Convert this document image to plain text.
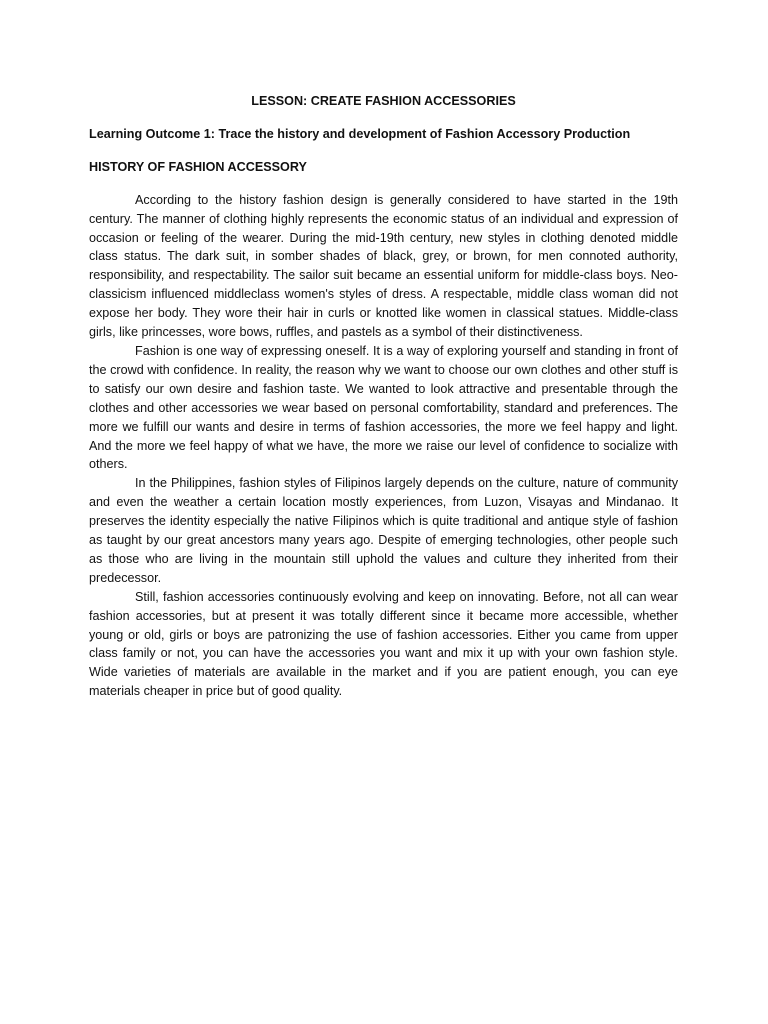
LESSON: CREATE FASHION ACCESSORIES
Learning Outcome 1: Trace the history and development of Fashion Accessory Production
HISTORY OF FASHION ACCESSORY

According to the history fashion design is generally considered to have started in the 19th century. The manner of clothing highly represents the economic status of an individual and expression of occasion or feeling of the wearer. During the mid-19th century, new styles in clothing denoted middle class status. The dark suit, in somber shades of black, grey, or brown, for men connoted authority, responsibility, and respectability. The sailor suit became an essential uniform for middle-class boys. Neo-classicism influenced middleclass women's styles of dress. A respectable, middle class woman did not expose her body. They wore their hair in curls or knotted like women in classical statues. Middle-class girls, like princesses, wore bows, ruffles, and pastels as a symbol of their distinctiveness.

Fashion is one way of expressing oneself. It is a way of exploring yourself and standing in front of the crowd with confidence. In reality, the reason why we want to choose our own clothes and other stuff is to satisfy our own desire and fashion taste. We wanted to look attractive and presentable through the clothes and other accessories we wear based on personal comfortability, standard and preferences. The more we fulfill our wants and desire in terms of fashion accessories, the more we feel happy and light. And the more we feel happy of what we have, the more we raise our level of confidence to socialize with others.

In the Philippines, fashion styles of Filipinos largely depends on the culture, nature of community and even the weather a certain location mostly experiences, from Luzon, Visayas and Mindanao. It preserves the identity especially the native Filipinos which is quite traditional and antique style of fashion as taught by our great ancestors many years ago. Despite of emerging technologies, other people such as those who are living in the mountain still uphold the values and culture they inherited from their predecessor.

Still, fashion accessories continuously evolving and keep on innovating. Before, not all can wear fashion accessories, but at present it was totally different since it became more accessible, whether young or old, girls or boys are patronizing the use of fashion accessories. Either you came from upper class family or not, you can have the accessories you want and mix it up with your own fashion style. Wide varieties of materials are available in the market and if you are patient enough, you can eye materials cheaper in price but of good quality.
